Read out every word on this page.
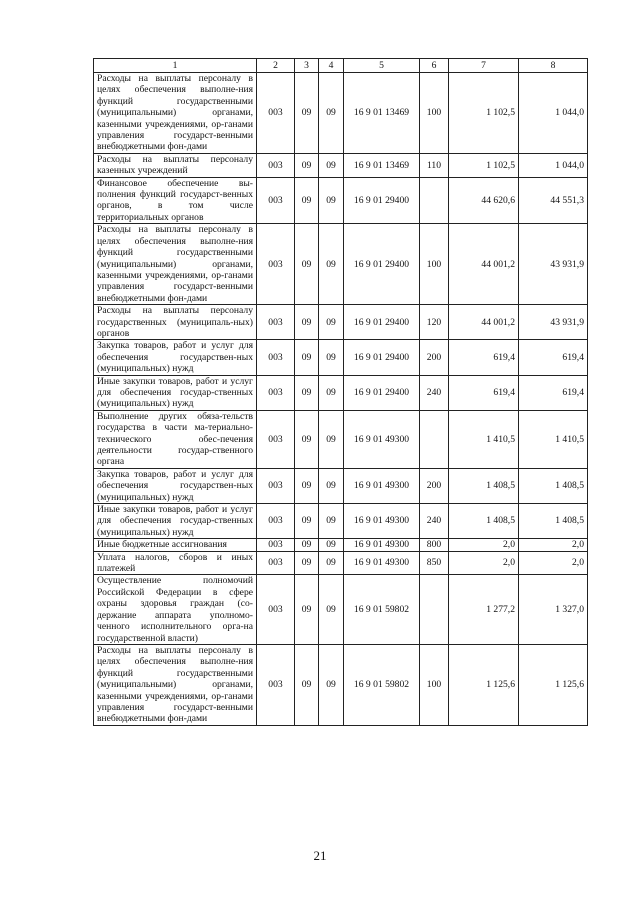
1	2	3	4	5	6	7	8
Расходы на выплаты персоналу в целях обеспечения выполне-ния функций государственными (муниципальными) органами, казенными учреждениями, ор-ганами управления государст-венными внебюджетными фон-дами	003	09	09	16 9 01 13469	100	1 102,5	1 044,0
Расходы на выплаты персоналу казенных учреждений	003	09	09	16 9 01 13469	110	1 102,5	1 044,0
Финансовое обеспечение вы-полнения функций государст-венных органов, в том числе территориальных органов	003	09	09	16 9 01 29400		44 620,6	44 551,3
Расходы на выплаты персоналу в целях обеспечения выполне-ния функций государственными (муниципальными) органами, казенными учреждениями, ор-ганами управления государст-венными внебюджетными фон-дами	003	09	09	16 9 01 29400	100	44 001,2	43 931,9
Расходы на выплаты персоналу государственных (муниципаль-ных) органов	003	09	09	16 9 01 29400	120	44 001,2	43 931,9
Закупка товаров, работ и услуг для обеспечения государствен-ных (муниципальных) нужд	003	09	09	16 9 01 29400	200	619,4	619,4
Иные закупки товаров, работ и услуг для обеспечения государ-ственных (муниципальных) нужд	003	09	09	16 9 01 29400	240	619,4	619,4
Выполнение других обяза-тельств государства в части ма-териально-технического обес-печения деятельности государ-ственного органа	003	09	09	16 9 01 49300		1 410,5	1 410,5
Закупка товаров, работ и услуг для обеспечения государствен-ных (муниципальных) нужд	003	09	09	16 9 01 49300	200	1 408,5	1 408,5
Иные закупки товаров, работ и услуг для обеспечения государ-ственных (муниципальных) нужд	003	09	09	16 9 01 49300	240	1 408,5	1 408,5
Иные бюджетные ассигнования	003	09	09	16 9 01 49300	800	2,0	2,0
Уплата налогов, сборов и иных платежей	003	09	09	16 9 01 49300	850	2,0	2,0
Осуществление полномочий Российской Федерации в сфере охраны здоровья граждан (со-держание аппарата уполномо-ченного исполнительного орга-на государственной власти)	003	09	09	16 9 01 59802		1 277,2	1 327,0
Расходы на выплаты персоналу в целях обеспечения выполне-ния функций государственными (муниципальными) органами, казенными учреждениями, ор-ганами управления государст-венными внебюджетными фон-дами	003	09	09	16 9 01 59802	100	1 125,6	1 125,6
21
